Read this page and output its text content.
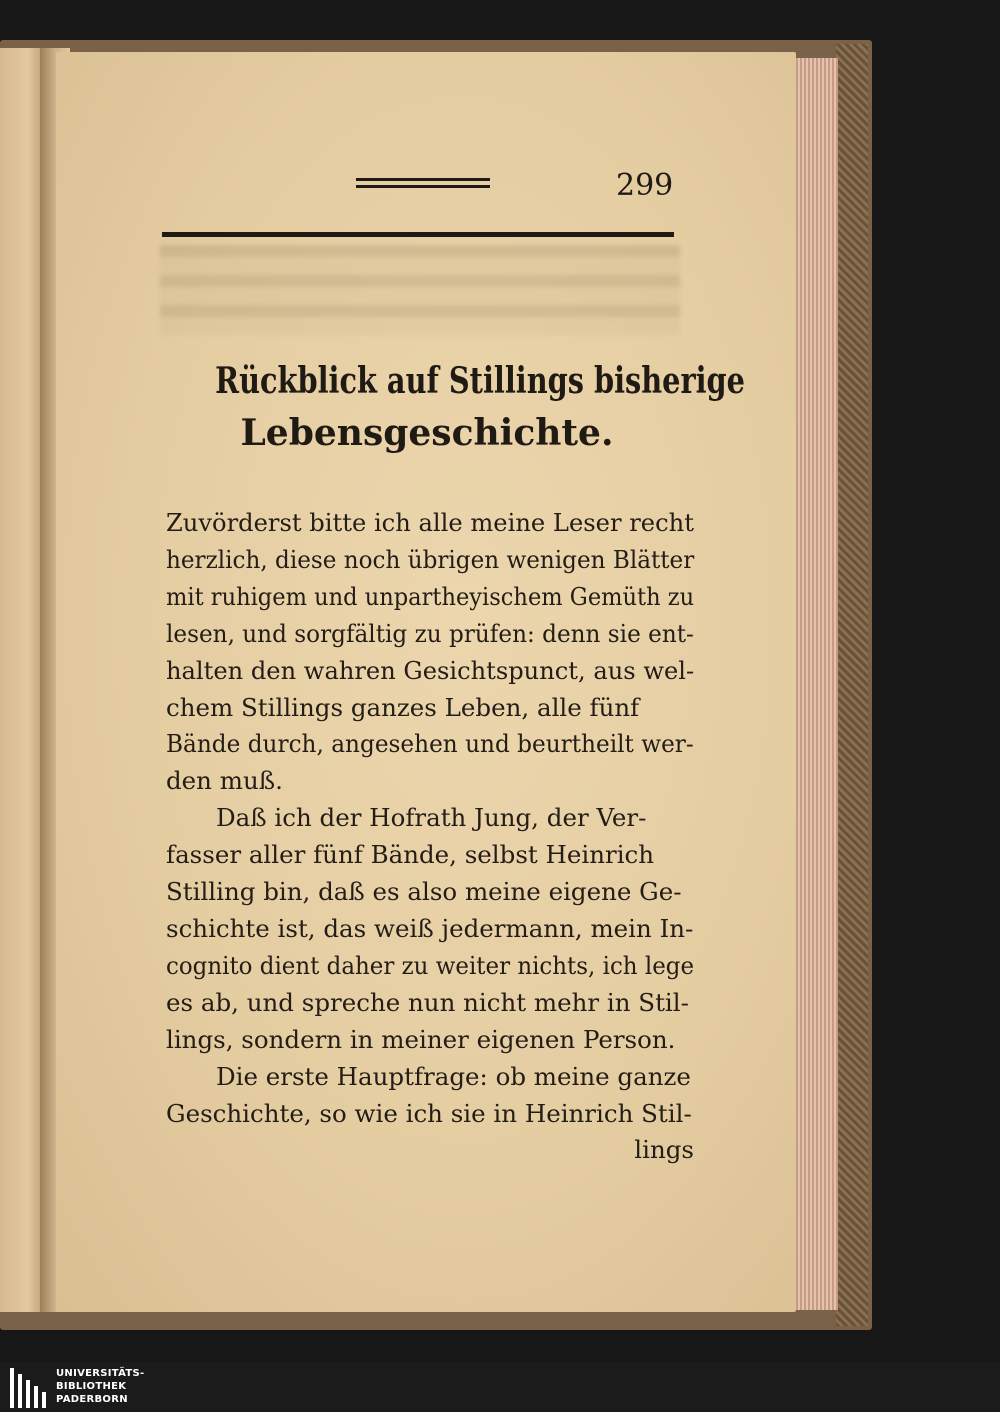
299
Rückblick auf Stillings bisherige
Lebensgeschichte.
Zuvörderst bitte ich alle meine Leser recht
herzlich, diese noch übrigen wenigen Blätter
mit ruhigem und unpartheyischem Gemüth zu
lesen, und sorgfältig zu prüfen: denn sie ent-
halten den wahren Gesichtspunct, aus wel-
chem Stillings ganzes Leben, alle fünf
Bände durch, angesehen und beurtheilt wer-
den muß.
Daß ich der Hofrath Jung, der Ver-
fasser aller fünf Bände, selbst Heinrich
Stilling bin, daß es also meine eigene Ge-
schichte ist, das weiß jedermann, mein In-
cognito dient daher zu weiter nichts, ich lege
es ab, und spreche nun nicht mehr in Stil-
lings, sondern in meiner eigenen Person.
Die erste Hauptfrage: ob meine ganze
Geschichte, so wie ich sie in Heinrich Stil-
lings
UNIVERSITÄTS-
BIBLIOTHEK
PADERBORN
